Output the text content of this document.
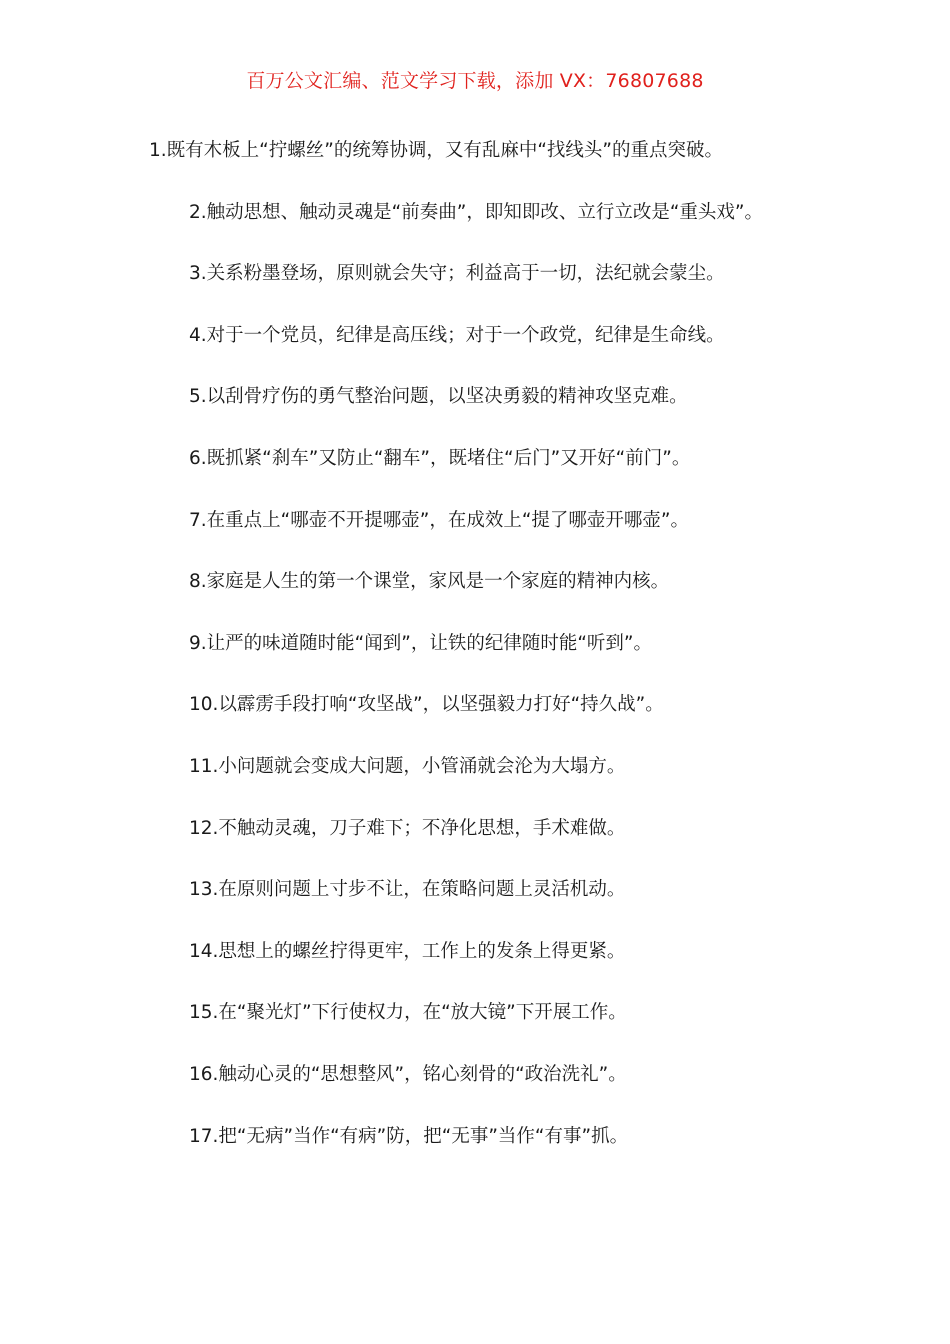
百万公文汇编、范文学习下载，添加 VX：76807688
1.既有木板上“拧螺丝”的统筹协调，又有乱麻中“找线头”的重点突破。
2.触动思想、触动灵魂是“前奏曲”，即知即改、立行立改是“重头戏”。
3.关系粉墨登场，原则就会失守；利益高于一切，法纪就会蒙尘。
4.对于一个党员，纪律是高压线；对于一个政党，纪律是生命线。
5.以刮骨疗伤的勇气整治问题，以坚决勇毅的精神攻坚克难。
6.既抓紧“刹车”又防止“翻车”，既堵住“后门”又开好“前门”。
7.在重点上“哪壶不开提哪壶”，在成效上“提了哪壶开哪壶”。
8.家庭是人生的第一个课堂，家风是一个家庭的精神内核。
9.让严的味道随时能“闻到”，让铁的纪律随时能“听到”。
10.以霹雳手段打响“攻坚战”，以坚强毅力打好“持久战”。
11.小问题就会变成大问题，小管涌就会沦为大塌方。
12.不触动灵魂，刀子难下；不净化思想，手术难做。
13.在原则问题上寸步不让，在策略问题上灵活机动。
14.思想上的螺丝拧得更牢，工作上的发条上得更紧。
15.在“聚光灯”下行使权力，在“放大镜”下开展工作。
16.触动心灵的“思想整风”，铭心刻骨的“政治洗礼”。
17.把“无病”当作“有病”防，把“无事”当作“有事”抓。
